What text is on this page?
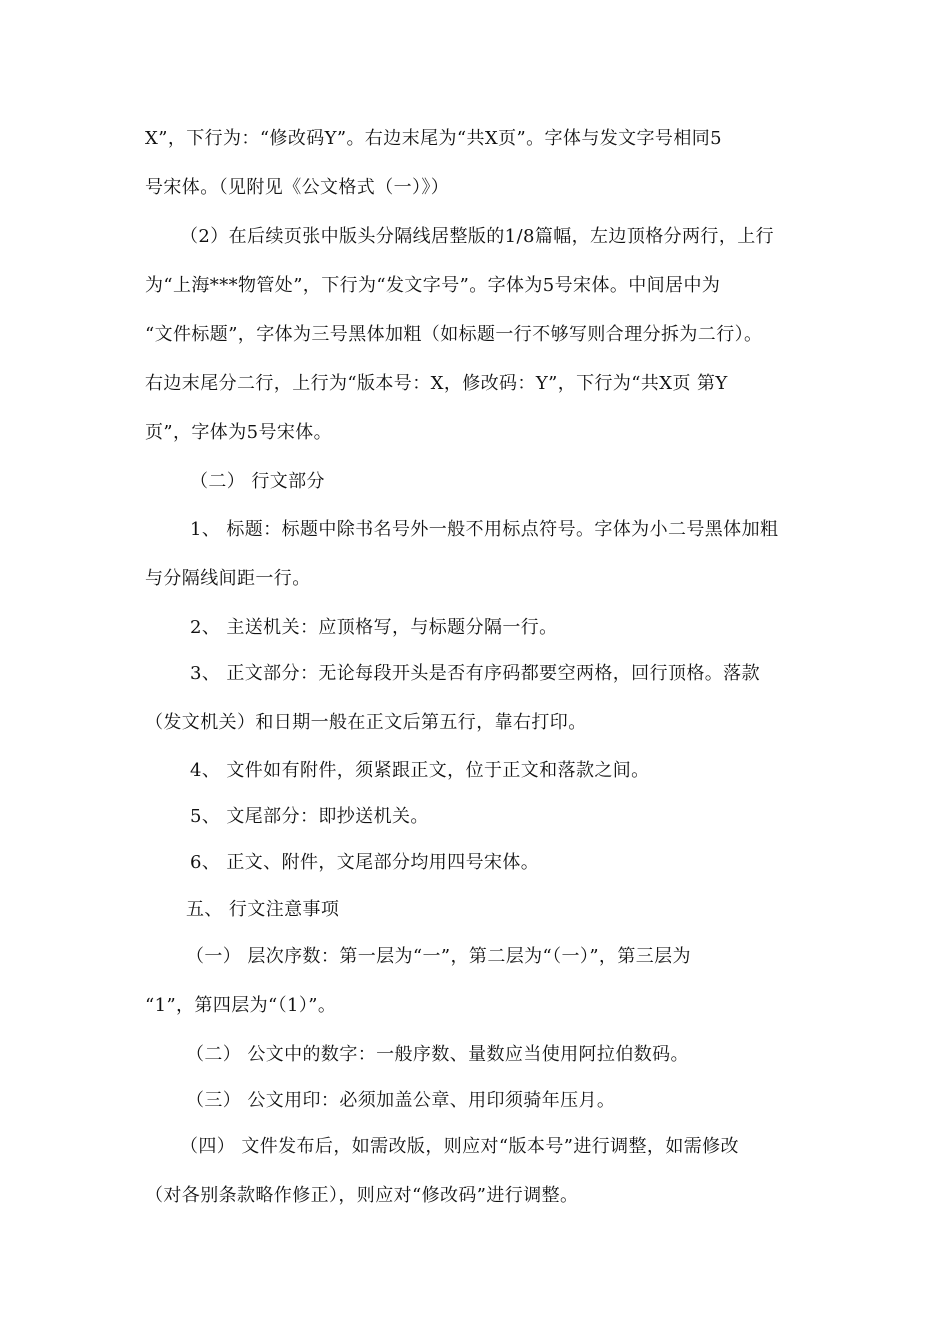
X”，下行为：“修改码Y”。右边末尾为“共X页”。字体与发文字号相同5
号宋体。（见附见《公文格式（一）》）
（2）在后续页张中版头分隔线居整版的1/8篇幅，左边顶格分两行，上行
为“上海***物管处”，下行为“发文字号”。字体为5号宋体。中间居中为
“文件标题”，字体为三号黑体加粗（如标题一行不够写则合理分拆为二行）。
右边末尾分二行，上行为“版本号：X，修改码：Y”，下行为“共X页 第Y
页”，字体为5号宋体。
（二） 行文部分
1、 标题：标题中除书名号外一般不用标点符号。字体为小二号黑体加粗
与分隔线间距一行。
2、 主送机关：应顶格写，与标题分隔一行。
3、 正文部分：无论每段开头是否有序码都要空两格，回行顶格。落款
（发文机关）和日期一般在正文后第五行，靠右打印。
4、 文件如有附件，须紧跟正文，位于正文和落款之间。
5、 文尾部分：即抄送机关。
6、 正文、附件，文尾部分均用四号宋体。
五、 行文注意事项
（一） 层次序数：第一层为“一”，第二层为“（一）”，第三层为
“1”，第四层为“（1）”。
（二） 公文中的数字：一般序数、量数应当使用阿拉伯数码。
（三） 公文用印：必须加盖公章、用印须骑年压月。
（四） 文件发布后，如需改版，则应对“版本号”进行调整，如需修改
（对各别条款略作修正），则应对“修改码”进行调整。
